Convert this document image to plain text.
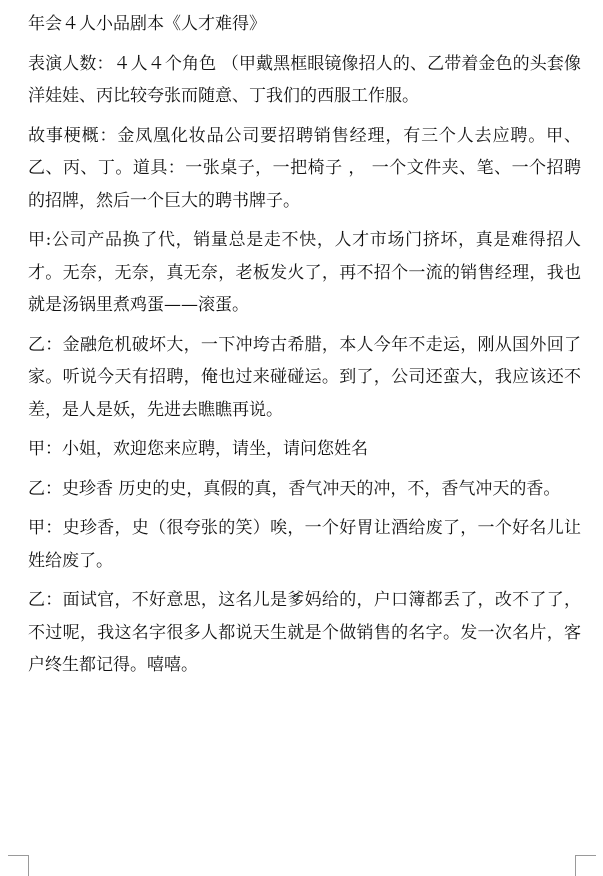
年会４人小品剧本《人才难得》

表演人数：４人４个角色 （甲戴黑框眼镜像招人的、乙带着金色的头套像洋娃娃、丙比较夸张而随意、丁我们的西服工作服。

故事梗概：金凤凰化妆品公司要招聘销售经理，有三个人去应聘。甲、乙、丙、丁。道具：一张桌子，一把椅子 ， 一个文件夹、笔、一个招聘的招牌，然后一个巨大的聘书牌子。

甲:公司产品换了代，销量总是走不快，人才市场门挤坏，真是难得招人才。无奈，无奈，真无奈，老板发火了，再不招个一流的销售经理，我也就是汤锅里煮鸡蛋——滚蛋。

乙：金融危机破坏大，一下冲垮古希腊，本人今年不走运，刚从国外回了家。听说今天有招聘，俺也过来碰碰运。到了，公司还蛮大，我应该还不差，是人是妖，先进去瞧瞧再说。

甲：小姐，欢迎您来应聘，请坐，请问您姓名

乙：史珍香 历史的史，真假的真，香气冲天的冲，不，香气冲天的香。

甲：史珍香，史（很夸张的笑）唉，一个好胃让酒给废了，一个好名儿让姓给废了。

乙：面试官，不好意思，这名儿是爹妈给的，户口簿都丢了，改不了了，不过呢，我这名字很多人都说天生就是个做销售的名字。发一次名片，客户终生都记得。嘻嘻。
